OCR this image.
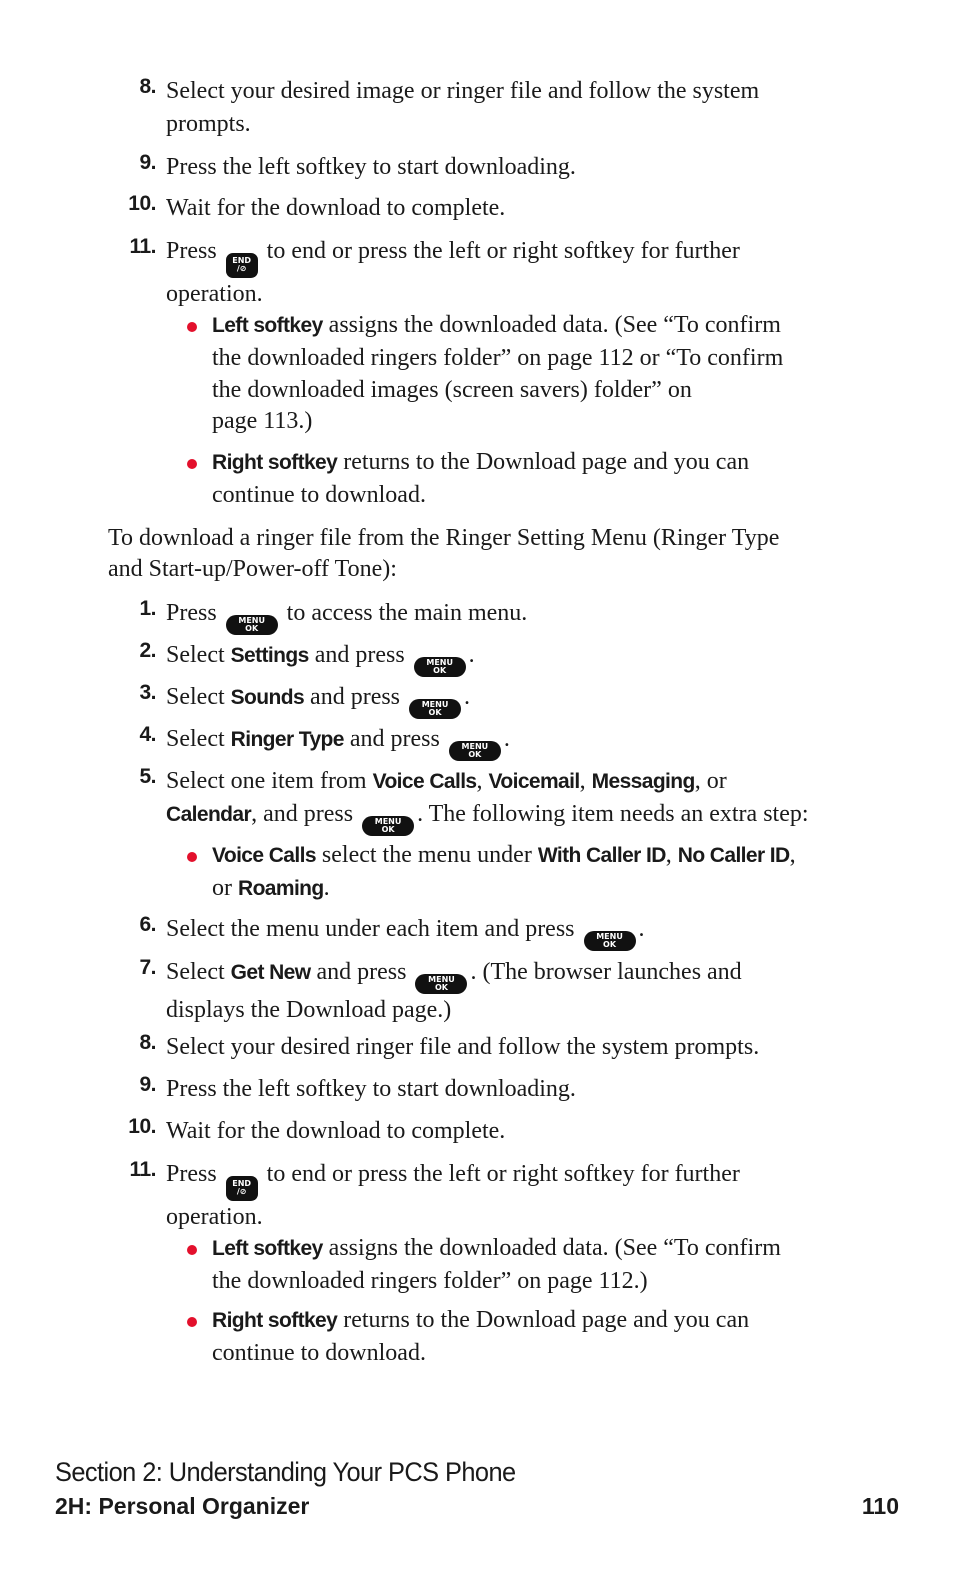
8. Select your desired image or ringer file and follow the system
prompts.
9. Press the left softkey to start downloading.
10. Wait for the download to complete.
11. Press END
/⊘
to end or press the left or right softkey for further
operation.
Left softkey assigns the downloaded data. (See “To confirm
the downloaded ringers folder” on page 112 or “To confirm
the downloaded images (screen savers) folder” on
page 113.)
Right softkey returns to the Download page and you can
continue to download.
To download a ringer file from the Ringer Setting Menu (Ringer Type
and Start-up/Power-off Tone):
1. Press	MENU
OK
to access the main menu.
2. Select Settings and press	MENU
OK
.
3. Select Sounds and press	MENU
OK
.
4. Select Ringer Type and press	MENU
OK
.
5. Select one item from Voice Calls, Voicemail, Messaging, or
Calendar, and press	MENU
OK
. The following item needs an extra step:
Voice Calls select the menu under With Caller ID, No Caller ID,
or Roaming.
6. Select the menu under each item and press	MENU
OK
.
7. Select Get New and press	MENU
OK
. (The browser launches and
displays the Download page.)
8. Select your desired ringer file and follow the system prompts.
9. Press the left softkey to start downloading.
10. Wait for the download to complete.
11. Press END
/⊘
to end or press the left or right softkey for further
operation.
Left softkey assigns the downloaded data. (See “To confirm
the downloaded ringers folder” on page 112.)
Right softkey returns to the Download page and you can
continue to download.
Section 2: Understanding Your PCS Phone
2H: Personal Organizer	110
